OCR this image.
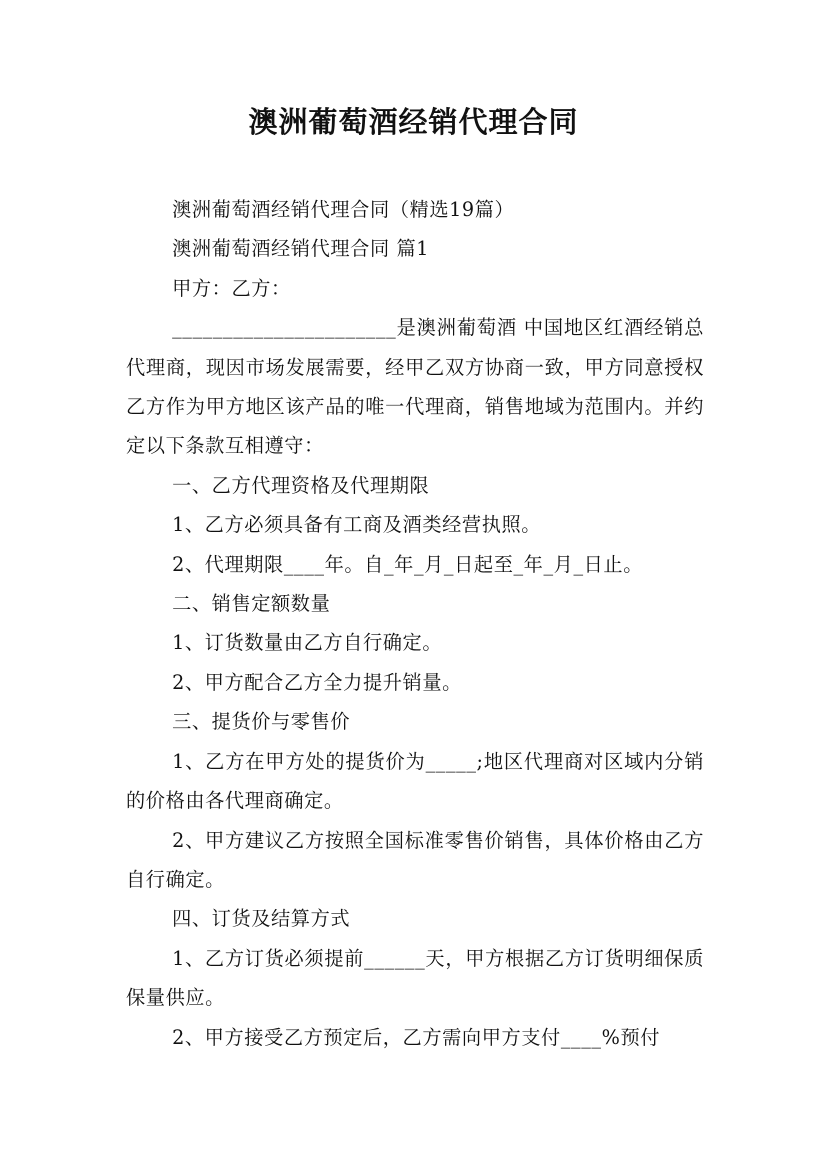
澳洲葡萄酒经销代理合同

澳洲葡萄酒经销代理合同（精选19篇）

澳洲葡萄酒经销代理合同 篇1

甲方：乙方：

______________________是澳洲葡萄酒 中国地区红酒经销总代理商，现因市场发展需要，经甲乙双方协商一致，甲方同意授权乙方作为甲方地区该产品的唯一代理商，销售地域为范围内。并约定以下条款互相遵守：

一、乙方代理资格及代理期限

1、乙方必须具备有工商及酒类经营执照。

2、代理期限____年。自_年_月_日起至_年_月_日止。

二、销售定额数量

1、订货数量由乙方自行确定。

2、甲方配合乙方全力提升销量。

三、提货价与零售价

1、乙方在甲方处的提货价为_____;地区代理商对区域内分销的价格由各代理商确定。

2、甲方建议乙方按照全国标准零售价销售，具体价格由乙方自行确定。

四、订货及结算方式

1、乙方订货必须提前______天，甲方根据乙方订货明细保质保量供应。

2、甲方接受乙方预定后，乙方需向甲方支付____%预付
